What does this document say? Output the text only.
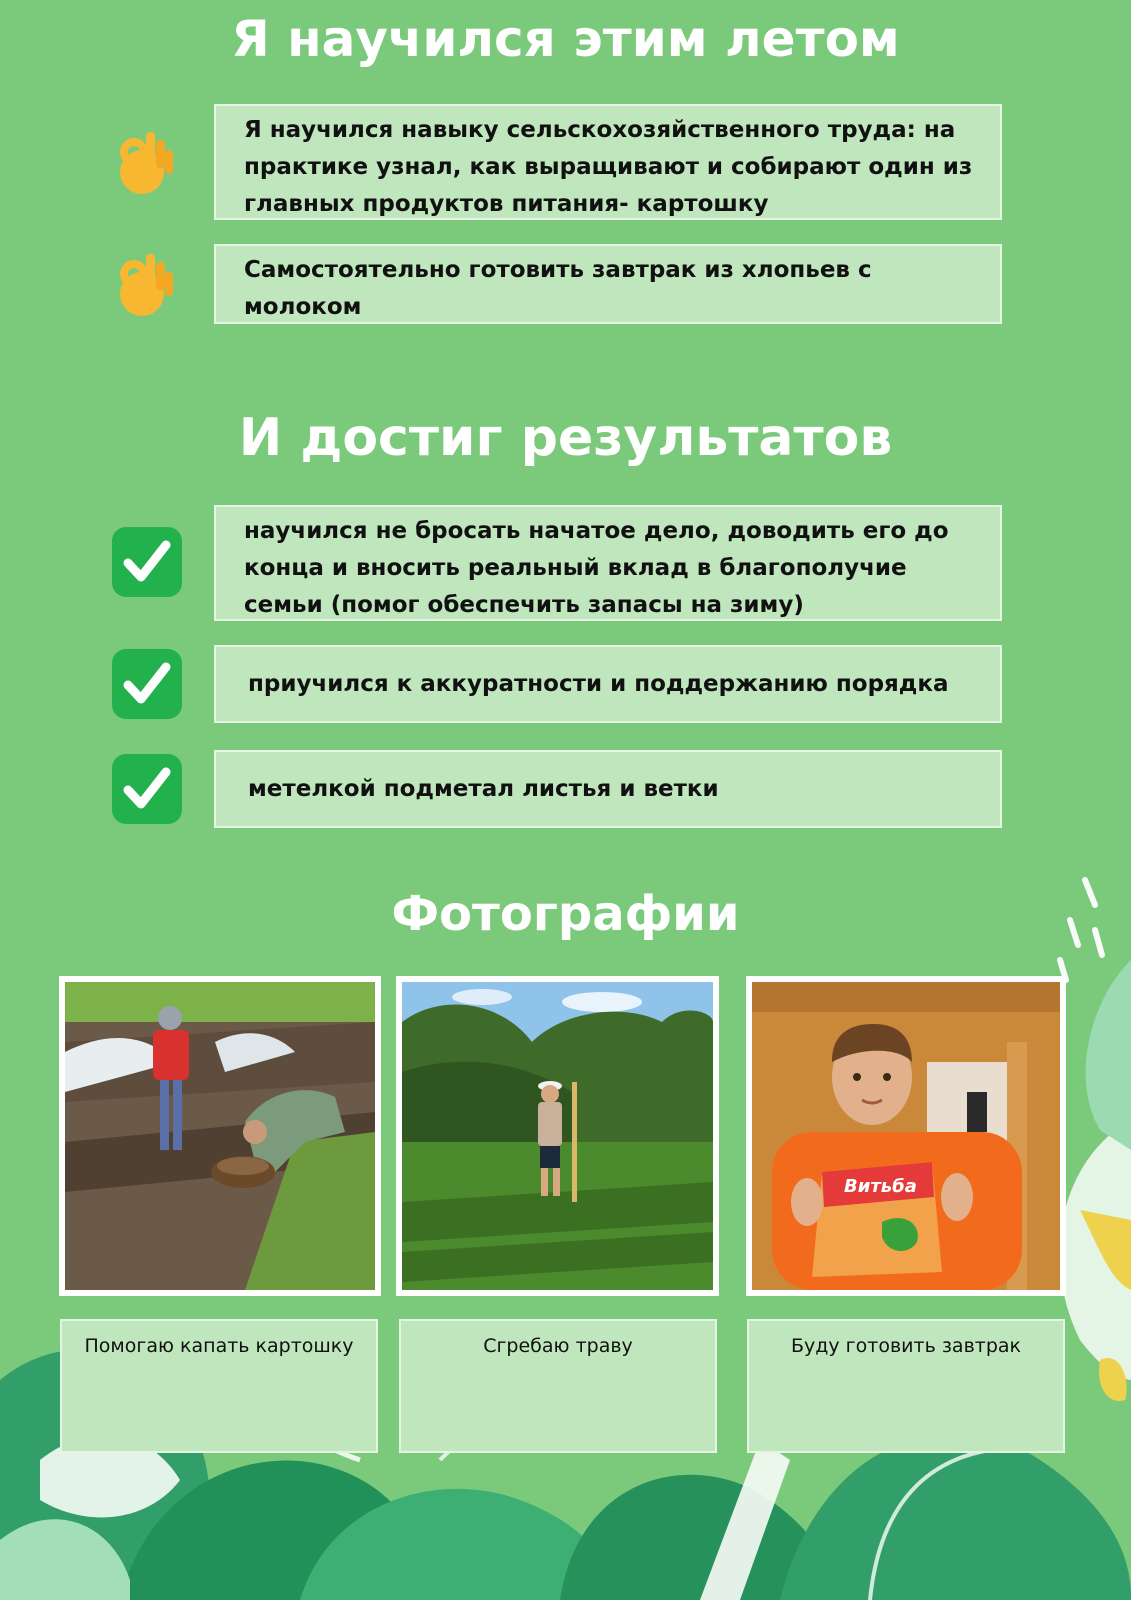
Я научился этим летом
Я научился навыку сельскохозяйственного труда: на практике узнал, как выращивают и собирают один из главных продуктов питания- картошку
Самостоятельно готовить завтрак из хлопьев с молоком
И достиг результатов
научился не бросать начатое дело, доводить его до конца и вносить реальный вклад в благополучие семьи (помог обеспечить запасы на зиму)
приучился к аккуратности и поддержанию порядка
метелкой подметал листья и ветки
Фотографии
Витьба
Помогаю капать картошку	Сгребаю траву	Буду готовить завтрак
